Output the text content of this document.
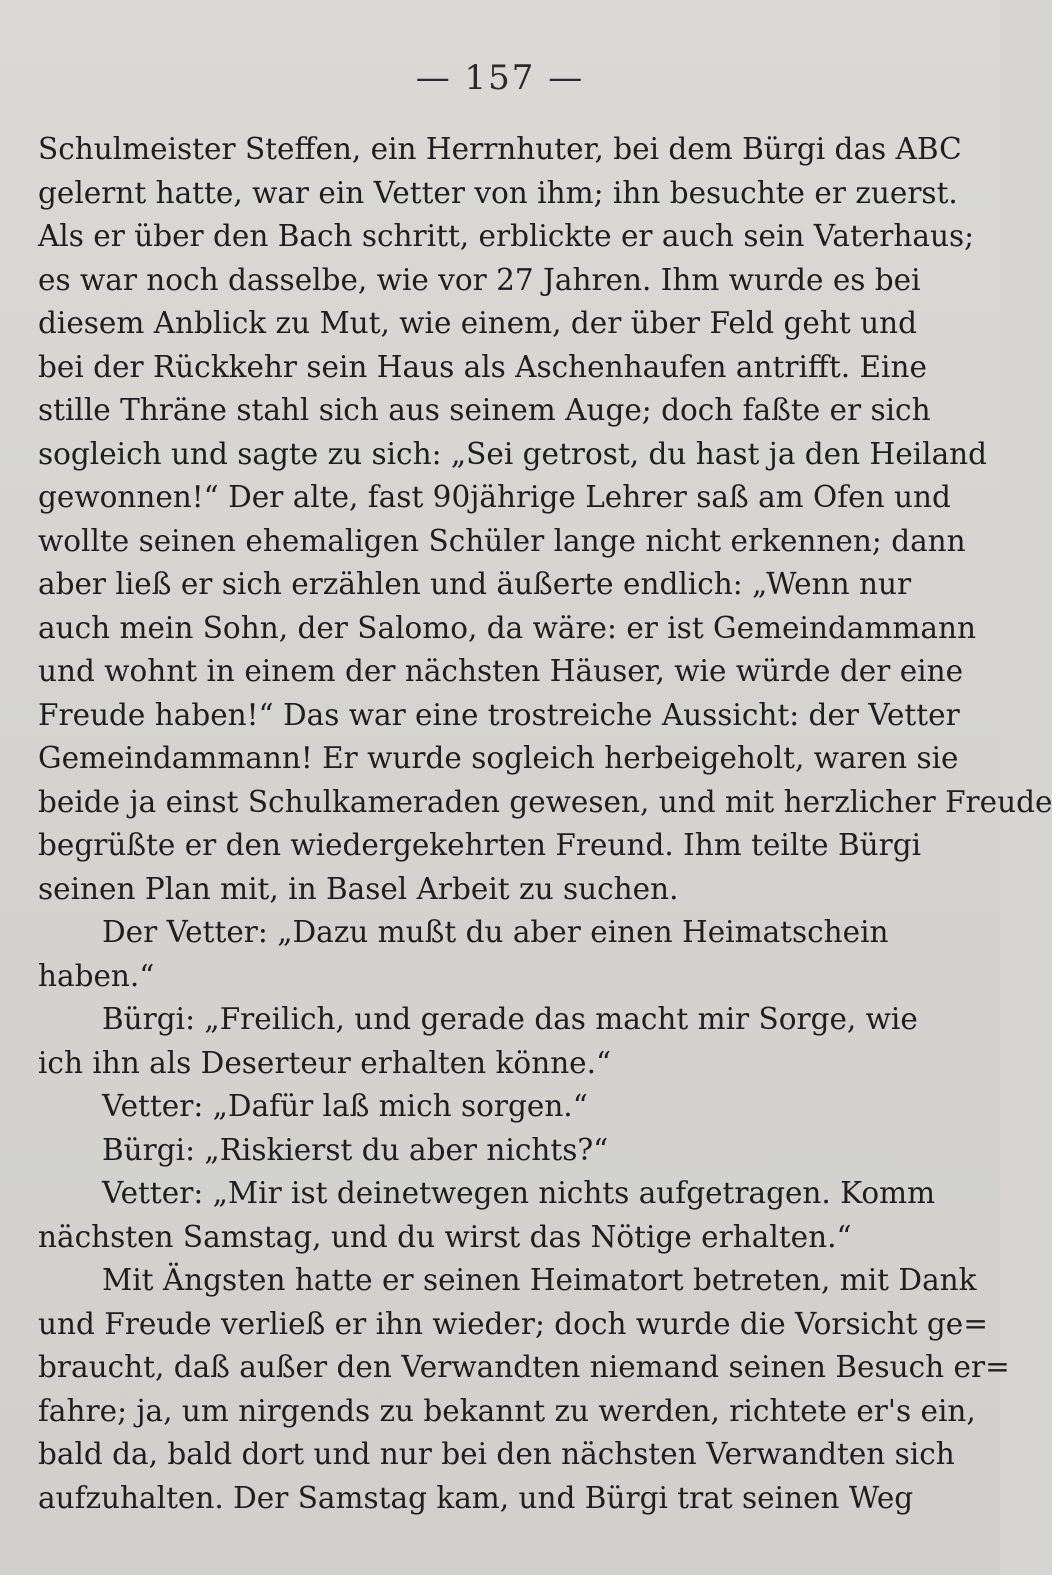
— 157 —
Schulmeister Steffen, ein Herrnhuter, bei dem Bürgi das ABC
gelernt hatte, war ein Vetter von ihm; ihn besuchte er zuerst.
Als er über den Bach schritt, erblickte er auch sein Vaterhaus;
es war noch dasselbe, wie vor 27 Jahren. Ihm wurde es bei
diesem Anblick zu Mut, wie einem, der über Feld geht und
bei der Rückkehr sein Haus als Aschenhaufen antrifft. Eine
stille Thräne stahl sich aus seinem Auge; doch faßte er sich
sogleich und sagte zu sich: „Sei getrost, du hast ja den Heiland
gewonnen!“ Der alte, fast 90jährige Lehrer saß am Ofen und
wollte seinen ehemaligen Schüler lange nicht erkennen; dann
aber ließ er sich erzählen und äußerte endlich: „Wenn nur
auch mein Sohn, der Salomo, da wäre: er ist Gemeindammann
und wohnt in einem der nächsten Häuser, wie würde der eine
Freude haben!“ Das war eine trostreiche Aussicht: der Vetter
Gemeindammann! Er wurde sogleich herbeigeholt, waren sie
beide ja einst Schulkameraden gewesen, und mit herzlicher Freude
begrüßte er den wiedergekehrten Freund. Ihm teilte Bürgi
seinen Plan mit, in Basel Arbeit zu suchen.
Der Vetter: „Dazu mußt du aber einen Heimatschein
haben.“
Bürgi: „Freilich, und gerade das macht mir Sorge, wie
ich ihn als Deserteur erhalten könne.“
Vetter: „Dafür laß mich sorgen.“
Bürgi: „Riskierst du aber nichts?“
Vetter: „Mir ist deinetwegen nichts aufgetragen. Komm
nächsten Samstag, und du wirst das Nötige erhalten.“
Mit Ängsten hatte er seinen Heimatort betreten, mit Dank
und Freude verließ er ihn wieder; doch wurde die Vorsicht ge=
braucht, daß außer den Verwandten niemand seinen Besuch er=
fahre; ja, um nirgends zu bekannt zu werden, richtete er's ein,
bald da, bald dort und nur bei den nächsten Verwandten sich
aufzuhalten. Der Samstag kam, und Bürgi trat seinen Weg
